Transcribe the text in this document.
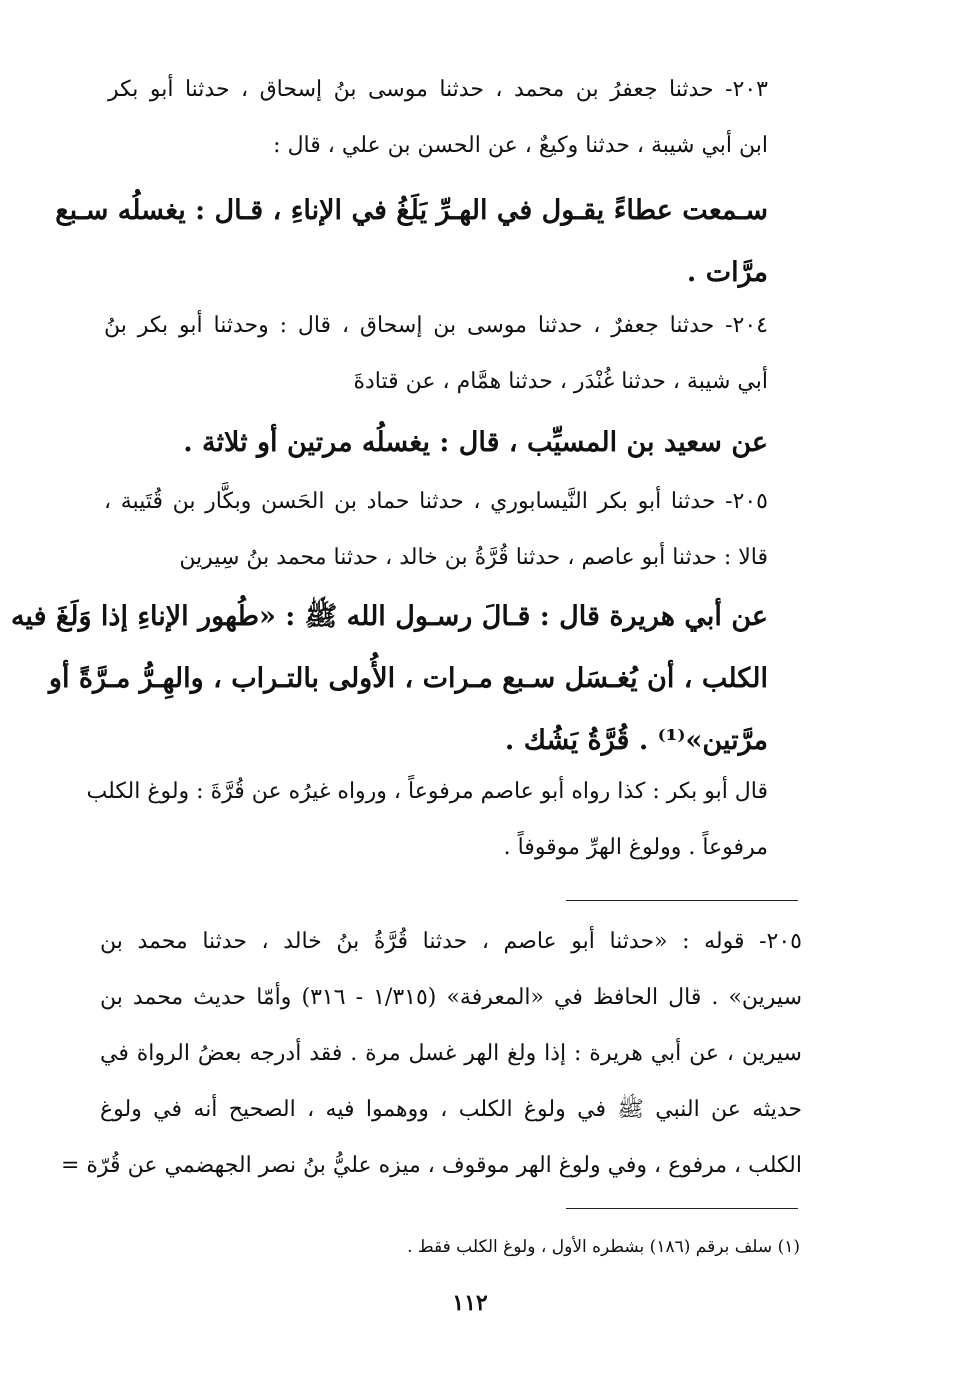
٢٠٣- حدثنا جعفرُ بن محمد ، حدثنا موسى بنُ إسحاق ، حدثنا أبو بكر
ابن أبي شيبة ، حدثنا وكيعٌ ، عن الحسن بن علي ، قال :
سـمعت عطاءً يقـول في الهـرِّ يَلَغُ في الإناءِ ، قـال : يغسلُه سـبع
مرَّات .
٢٠٤- حدثنا جعفرٌ ، حدثنا موسى بن إسحاق ، قال : وحدثنا أبو بكر بنُ
أبي شيبة ، حدثنا غُنْدَر ، حدثنا همَّام ، عن قتادةَ
عن سعيد بن المسيِّب ، قال : يغسلُه مرتين أو ثلاثة .
٢٠٥- حدثنا أبو بكر النَّيسابوري ، حدثنا حماد بن الحَسن وبكَّار بن قُتَيبة ،
قالا : حدثنا أبو عاصم ، حدثنا قُرَّةُ بن خالد ، حدثنا محمد بنُ سِيرين
عن أبي هريرة قال : قـالَ رسـول الله ﷺ : «طُهور الإناءِ إذا وَلَغَ فيه
الكلب ، أن يُغـسَل سـبع مـرات ، الأُولى بالتـراب ، والهِـرُّ مـرَّةً أو
مرَّتين»⁽¹⁾ . قُرَّةُ يَشُك .
قال أبو بكر : كذا رواه أبو عاصم مرفوعاً ، ورواه غيرُه عن قُرَّةَ : ولوغ الكلب
مرفوعاً . وولوغ الهرِّ موقوفاً .
٢٠٥- قوله : «حدثنا أبو عاصم ، حدثنا قُرَّةُ بنُ خالد ، حدثنا محمد بن
سيرين» . قال الحافظ في «المعرفة» (١/٣١٥ - ٣١٦) وأمّا حديث محمد بن
سيرين ، عن أبي هريرة : إذا ولغ الهر غسل مرة . فقد أدرجه بعضُ الرواة في
حديثه عن النبي ﷺ في ولوغ الكلب ، ووهموا فيه ، الصحيح أنه في ولوغ
الكلب ، مرفوع ، وفي ولوغ الهر موقوف ، ميزه عليُّ بنُ نصر الجهضمي عن قُرّة =
(١) سلف برقم (١٨٦) بشطره الأول ، ولوغ الكلب فقط .
١١٢
